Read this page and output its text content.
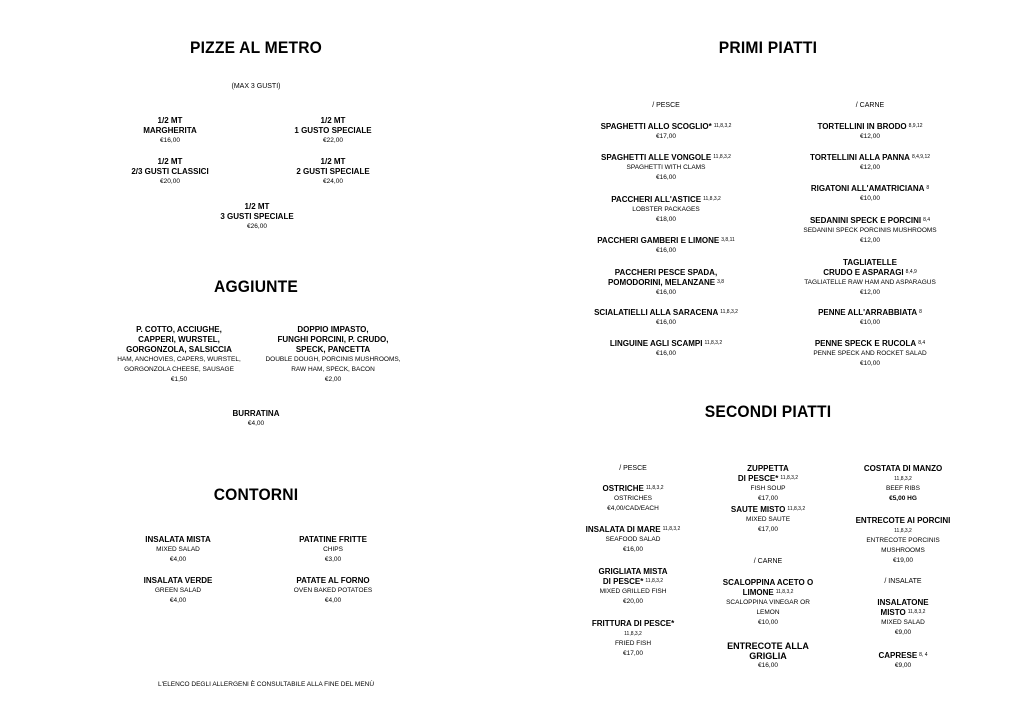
PIZZE AL METRO
(MAX 3 GUSTI)
1/2 MT
MARGHERITA
€16,00
1/2 MT
1 GUSTO SPECIALE
€22,00
1/2 MT
2/3 GUSTI CLASSICI
€20,00
1/2 MT
2 GUSTI SPECIALE
€24,00
1/2 MT
3 GUSTI SPECIALE
€26,00
AGGIUNTE
P. COTTO, ACCIUGHE,
CAPPERI, WURSTEL,
GORGONZOLA, SALSICCIA
HAM, ANCHOVIES, CAPERS, WURSTEL,
GORGONZOLA CHEESE, SAUSAGE
€1,50
DOPPIO IMPASTO,
FUNGHI PORCINI, P. CRUDO,
SPECK, PANCETTA
DOUBLE DOUGH, PORCINIS MUSHROOMS,
RAW HAM, SPECK, BACON
€2,00
BURRATINA
€4,00
CONTORNI
INSALATA MISTA
MIXED SALAD
€4,00
PATATINE FRITTE
CHIPS
€3,00
INSALATA VERDE
GREEN SALAD
€4,00
PATATE AL FORNO
OVEN BAKED POTATOES
€4,00
L'ELENCO DEGLI ALLERGENI È CONSULTABILE ALLA FINE DEL MENÙ
PRIMI PIATTI
/ PESCE	/ CARNE
SPAGHETTI ALLO SCOGLIO* $^{11,8,3,2}$
€17,00
SPAGHETTI ALLE VONGOLE $^{11,8,3,2}$
SPAGHETTI WITH CLAMS
€16,00
PACCHERI ALL'ASTICE $^{11,8,3,2}$
LOBSTER PACKAGES
€18,00
PACCHERI GAMBERI E LIMONE $^{3,8,11}$
€16,00
PACCHERI PESCE SPADA,
POMODORINI, MELANZANE $^{3,8}$
€16,00
SCIALATIELLI ALLA SARACENA $^{11,8,3,2}$
€16,00
LINGUINE AGLI SCAMPI $^{11,8,3,2}$
€16,00
TORTELLINI IN BRODO $^{8,9,12}$
€12,00
TORTELLINI ALLA PANNA $^{8,4,9,12}$
€12,00
RIGATONI ALL'AMATRICIANA $^8$
€10,00
SEDANINI SPECK E PORCINI $^{8,4}$
SEDANINI SPECK PORCINIS MUSHROOMS
€12,00
TAGLIATELLE
CRUDO E ASPARAGI $^{8,4,9}$
TAGLIATELLE RAW HAM AND ASPARAGUS
€12,00
PENNE ALL'ARRABBIATA $^8$
€10,00
PENNE SPECK E RUCOLA $^{8,4}$
PENNE SPECK AND ROCKET SALAD
€10,00
SECONDI PIATTI
/ PESCE
OSTRICHE $^{11,8,3,2}$
OSTRICHES
€4,00/CAD/EACH
INSALATA DI MARE $^{11,8,3,2}$
SEAFOOD SALAD
€16,00
GRIGLIATA MISTA
DI PESCE* $^{11,8,3,2}$
MIXED GRILLED FISH
€20,00
FRITTURA DI PESCE*
11,8,3,2
FRIED FISH
€17,00
ZUPPETTA
DI PESCE* $^{11,8,3,2}$
FISH SOUP
€17,00
SAUTE MISTO $^{11,8,3,2}$
MIXED SAUTE
€17,00
/ CARNE
SCALOPPINA ACETO O
LIMONE $^{11,8,3,2}$
SCALOPPINA VINEGAR OR
LEMON
€10,00
ENTRECOTE ALLA
GRIGLIA
€16,00
COSTATA DI MANZO
11,8,3,2
BEEF RIBS
€5,00 HG
ENTRECOTE AI PORCINI
11,8,3,2
ENTRECOTE PORCINIS
MUSHROOMS
€19,00
/ INSALATE
INSALATONE
MISTO $^{11,8,3,2}$
MIXED SALAD
€9,00
CAPRESE $^{8, 4}$
€9,00
